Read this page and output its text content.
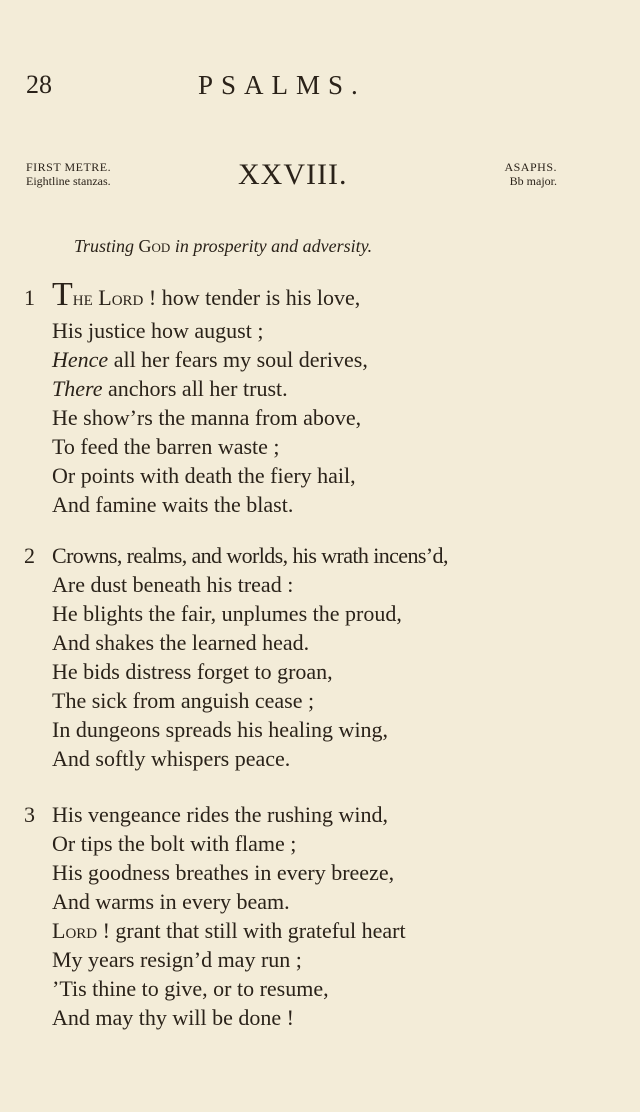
28	PSALMS.
FIRST METRE.
Eightline stanzas.	XXVIII.	ASAPHS.
Bb major.
Trusting God in prosperity and adversity.
1 The Lord ! how tender is his love,
His justice how august ;
Hence all her fears my soul derives,
There anchors all her trust.
He show’rs the manna from above,
To feed the barren waste ;
Or points with death the fiery hail,
And famine waits the blast.
2 Crowns, realms, and worlds, his wrath incens’d,
Are dust beneath his tread :
He blights the fair, unplumes the proud,
And shakes the learned head.
He bids distress forget to groan,
The sick from anguish cease ;
In dungeons spreads his healing wing,
And softly whispers peace.
3 His vengeance rides the rushing wind,
Or tips the bolt with flame ;
His goodness breathes in every breeze,
And warms in every beam.
Lord ! grant that still with grateful heart
My years resign’d may run ;
’Tis thine to give, or to resume,
And may thy will be done !
